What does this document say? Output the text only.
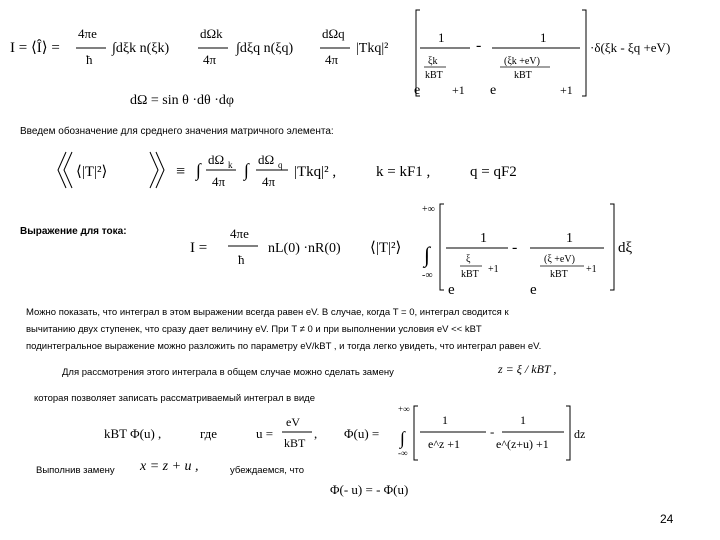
I = ⟨Î⟩ =
4πe
ħ
∫dξk n(ξk)
dΩk
4π
∫dξq n(ξq)
dΩq
4π
|Tkq|²
1
ξk
kBT
e	+1
-	1
(ξk +eV)
kBT
e	+1
·δ(ξk - ξq +eV)
dΩ = sin θ ·dθ ·dφ
⟨|T|²⟩	≡ ∫
dΩ k
4π
∫
dΩ q
4π
|Tkq|² ,	k = kF1 ,	q = qF2
I =
4πe
ħ
nL(0) ·nR(0) ⟨|T|²⟩
+∞
∫
-∞
1
ξ
kBT
e
+1
-
1
(ξ +eV)
kBT
e
+1
dξ
kBT Φ(u) ,	где	u =
eV
kBT
, Φ(u) =
+∞
∫
-∞
1
e^z +1
-
1
e^(z+u) +1
dz
Φ(- u) = - Φ(u)
Введем обозначение для среднего значения матричного элемента:
Выражение для тока:
Можно показать, что интеграл в этом выражении всегда равен eV. В случае, когда T = 0, интеграл сводится к
вычитанию двух ступенек, что сразу дает величину eV. При T ≠ 0 и при выполнении условия eV << kBT
подинтегральное выражение можно разложить по параметру eV/kBT , и тогда легко увидеть, что интеграл равен eV.
Для рассмотрения этого интеграла в общем случае можно сделать замену	z = ξ / kBT ,
которая позволяет записать рассматриваемый интеграл в виде
Выполнив замену x = z + u ,	убеждаемся, что
24
